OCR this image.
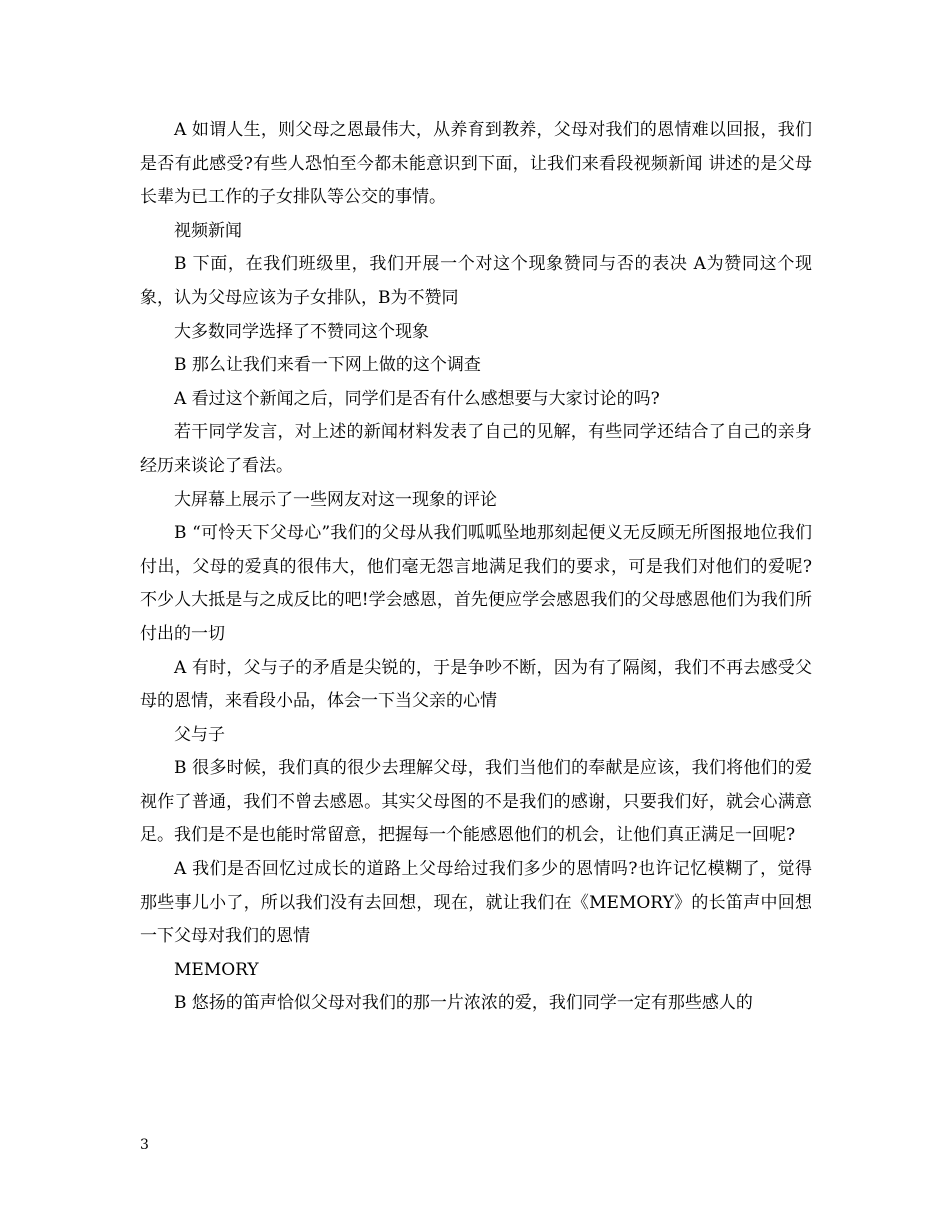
A 如谓人生，则父母之恩最伟大，从养育到教养，父母对我们的恩情难以回报，我们是否有此感受?有些人恐怕至今都未能意识到下面，让我们来看段视频新闻 讲述的是父母长辈为已工作的子女排队等公交的事情。

视频新闻

B 下面，在我们班级里，我们开展一个对这个现象赞同与否的表决 A为赞同这个现象，认为父母应该为子女排队，B为不赞同

大多数同学选择了不赞同这个现象

B 那么让我们来看一下网上做的这个调查

A 看过这个新闻之后，同学们是否有什么感想要与大家讨论的吗?

若干同学发言，对上述的新闻材料发表了自己的见解，有些同学还结合了自己的亲身经历来谈论了看法。

大屏幕上展示了一些网友对这一现象的评论

B “可怜天下父母心”我们的父母从我们呱呱坠地那刻起便义无反顾无所图报地位我们付出，父母的爱真的很伟大，他们毫无怨言地满足我们的要求，可是我们对他们的爱呢?不少人大抵是与之成反比的吧!学会感恩，首先便应学会感恩我们的父母感恩他们为我们所付出的一切

A 有时，父与子的矛盾是尖锐的，于是争吵不断，因为有了隔阂，我们不再去感受父母的恩情，来看段小品，体会一下当父亲的心情

父与子

B 很多时候，我们真的很少去理解父母，我们当他们的奉献是应该，我们将他们的爱视作了普通，我们不曾去感恩。其实父母图的不是我们的感谢，只要我们好，就会心满意足。我们是不是也能时常留意，把握每一个能感恩他们的机会，让他们真正满足一回呢?

A 我们是否回忆过成长的道路上父母给过我们多少的恩情吗?也许记忆模糊了，觉得那些事儿小了，所以我们没有去回想，现在，就让我们在《MEMORY》的长笛声中回想一下父母对我们的恩情

MEMORY

B 悠扬的笛声恰似父母对我们的那一片浓浓的爱，我们同学一定有那些感人的

3
